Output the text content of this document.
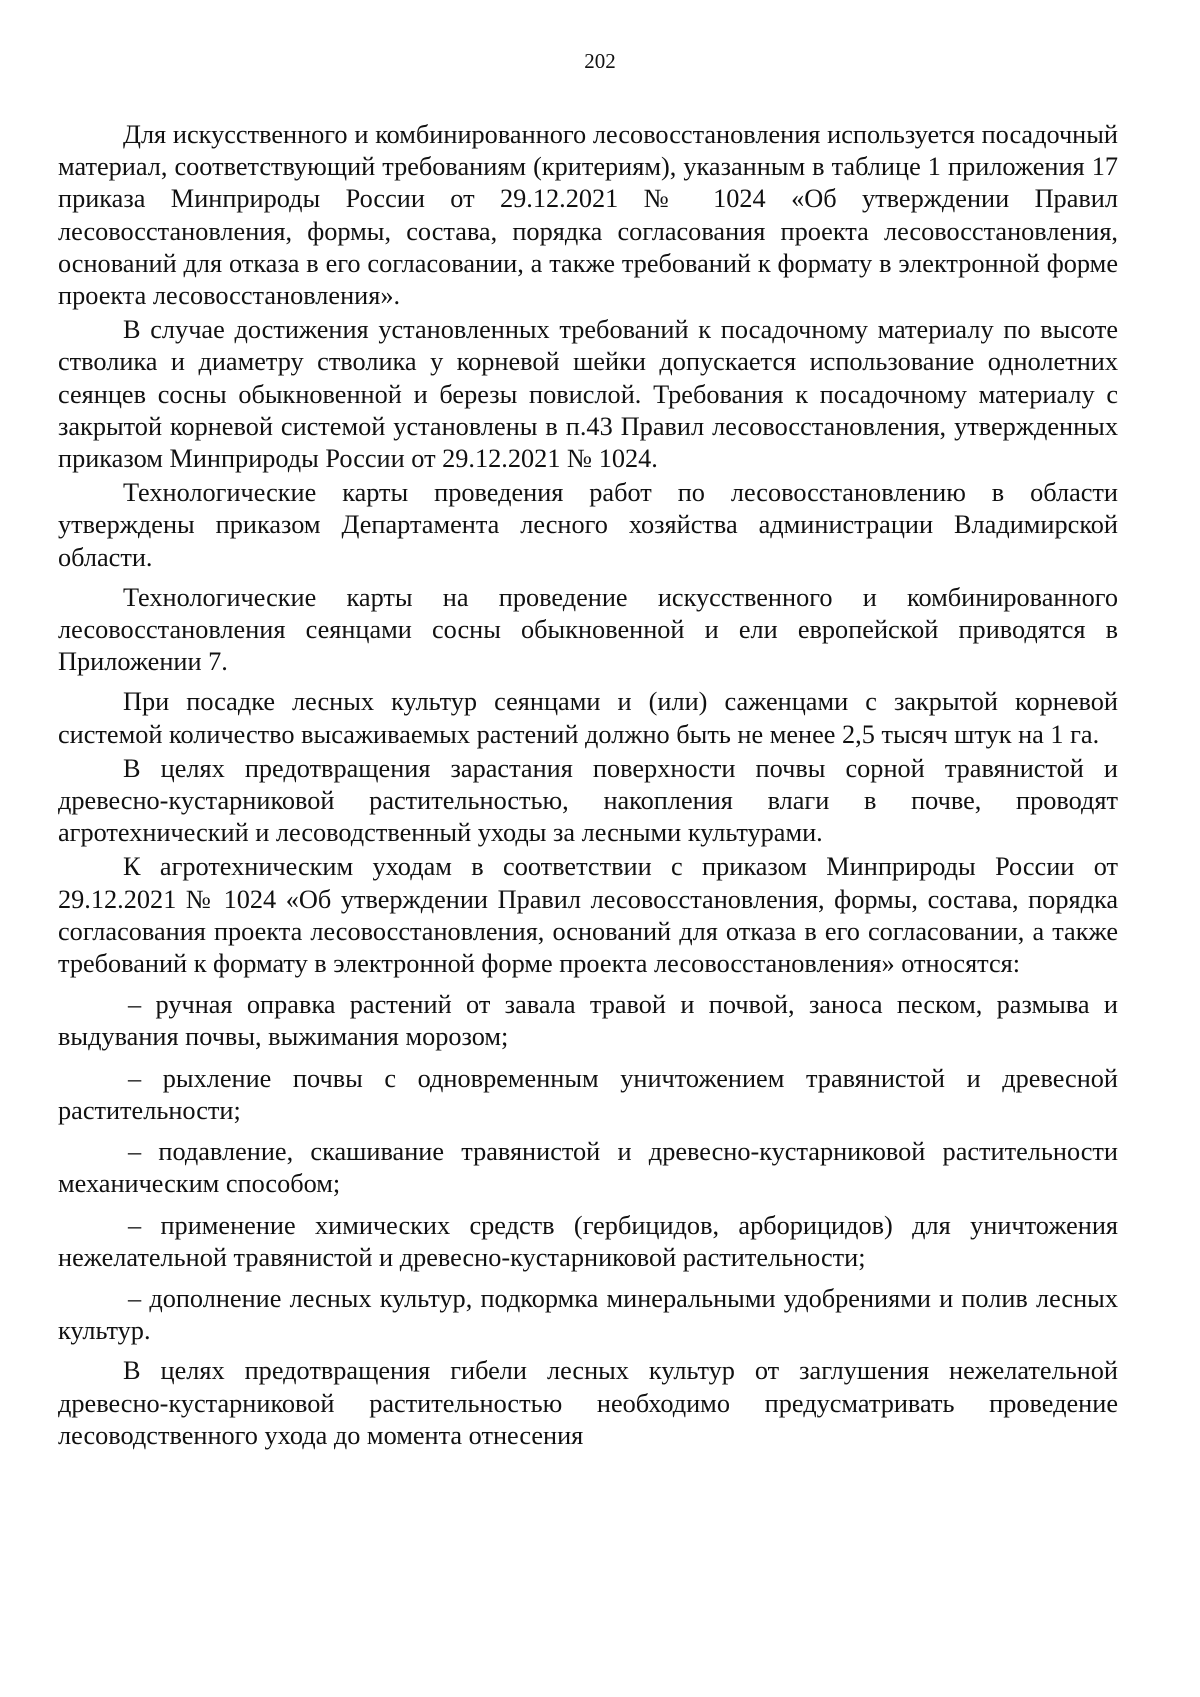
202

Для искусственного и комбинированного лесовосстановления используется посадочный материал, соответствующий требованиям (критериям), указанным в таблице 1 приложения 17 приказа Минприроды России от 29.12.2021 № 1024 «Об утверждении Правил лесовосстановления, формы, состава, порядка согласования проекта лесовосстановления, оснований для отказа в его согласовании, а также требований к формату в электронной форме проекта лесовосстановления».

В случае достижения установленных требований к посадочному материалу по высоте стволика и диаметру стволика у корневой шейки допускается использование однолетних сеянцев сосны обыкновенной и березы повислой. Требования к посадочному материалу с закрытой корневой системой установлены в п.43 Правил лесовосстановления, утвержденных приказом Минприроды России от 29.12.2021 № 1024.

Технологические карты проведения работ по лесовосстановлению в области утверждены приказом Департамента лесного хозяйства администрации Владимирской области.

Технологические карты на проведение искусственного и комбинированного лесовосстановления сеянцами сосны обыкновенной и ели европейской приводятся в Приложении 7.

При посадке лесных культур сеянцами и (или) саженцами с закрытой корневой системой количество высаживаемых растений должно быть не менее 2,5 тысяч штук на 1 га.

В целях предотвращения зарастания поверхности почвы сорной травянистой и древесно-кустарниковой растительностью, накопления влаги в почве, проводят агротехнический и лесоводственный уходы за лесными культурами.

К агротехническим уходам в соответствии с приказом Минприроды России от 29.12.2021 № 1024 «Об утверждении Правил лесовосстановления, формы, состава, порядка согласования проекта лесовосстановления, оснований для отказа в его согласовании, а также требований к формату в электронной форме проекта лесовосстановления» относятся:

– ручная оправка растений от завала травой и почвой, заноса песком, размыва и выдувания почвы, выжимания морозом;

– рыхление почвы с одновременным уничтожением травянистой и древесной растительности;

– подавление, скашивание травянистой и древесно-кустарниковой растительности механическим способом;

– применение химических средств (гербицидов, арборицидов) для уничтожения нежелательной травянистой и древесно-кустарниковой растительности;

– дополнение лесных культур, подкормка минеральными удобрениями и полив лесных культур.

В целях предотвращения гибели лесных культур от заглушения нежелательной древесно-кустарниковой растительностью необходимо предусматривать проведение лесоводственного ухода до момента отнесения
